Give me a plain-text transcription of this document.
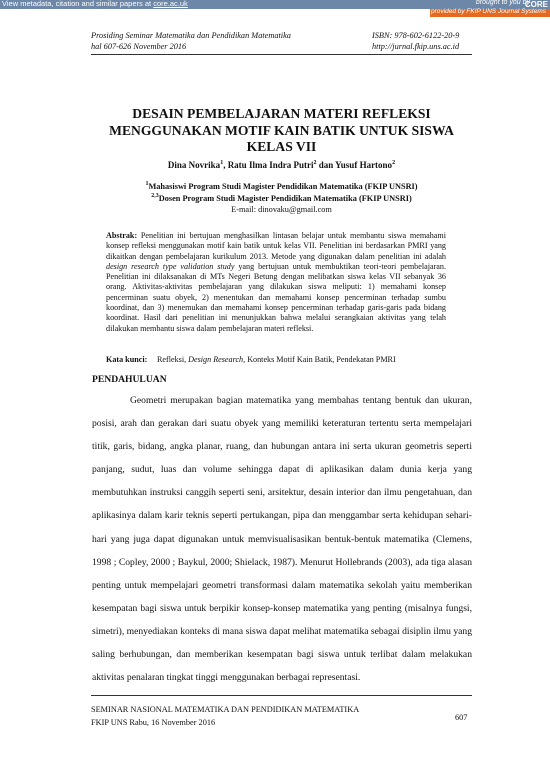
View metadata, citation and similar papers at core.ac.uk	brought to you by
CORE
provided by FKIP UNS Journal Systems
Prosiding Seminar Matematika dan Pendidikan Matematika
hal 607-626 November 2016
ISBN: 978-602-6122-20-9
http://jurnal.fkip.uns.ac.id
DESAIN PEMBELAJARAN MATERI REFLEKSI
MENGGUNAKAN MOTIF KAIN BATIK UNTUK SISWA
KELAS VII
Dina Novrika$^1$, Ratu Ilma Indra Putri$^2$ dan Yusuf Hartono$^2$
$^1$Mahasiswi Program Studi Magister Pendidikan Matematika (FKIP UNSRI)
$^{2,3}$Dosen Program Studi Magister Pendidikan Matematika (FKIP UNSRI)
E-mail: dinovaku@gmail.com
Abstrak: Penelitian ini bertujuan menghasilkan lintasan belajar untuk membantu siswa memahami konsep refleksi menggunakan motif kain batik untuk kelas VII. Penelitian ini berdasarkan PMRI yang dikaitkan dengan pembelajaran kurikulum 2013. Metode yang digunakan dalam penelitian ini adalah design research type validation study yang bertujuan untuk membuktikan teori-teori pembelajaran. Penelitian ini dilaksanakan di MTs Negeri Betung dengan melibatkan siswa kelas VII sebanyak 36 orang. Aktivitas-aktivitas pembelajaran yang dilakukan siswa meliputi: 1) memahami konsep pencerminan suatu obyek, 2) menentukan dan memahami konsep pencerminan terhadap sumbu koordinat, dan 3) menemukan dan memahami konsep pencerminan terhadap garis-garis pada bidang koordinat. Hasil dari penelitian ini menunjukkan bahwa melalui serangkaian aktivitas yang telah dilakukan membantu siswa dalam pembelajaran materi refleksi.
Kata kunci: Refleksi, Design Research, Konteks Motif Kain Batik, Pendekatan PMRI
PENDAHULUAN

Geometri merupakan bagian matematika yang membahas tentang bentuk dan ukuran, posisi, arah dan gerakan dari suatu obyek yang memiliki keteraturan tertentu serta mempelajari titik, garis, bidang, angka planar, ruang, dan hubungan antara ini serta ukuran geometris seperti panjang, sudut, luas dan volume sehingga dapat di aplikasikan dalam dunia kerja yang membutuhkan instruksi canggih seperti seni, arsitektur, desain interior dan ilmu pengetahuan, dan aplikasinya dalam karir teknis seperti pertukangan, pipa dan menggambar serta kehidupan sehari-hari yang juga dapat digunakan untuk memvisualisasikan bentuk-bentuk matematika (Clemens, 1998 ; Copley, 2000 ; Baykul, 2000; Shielack, 1987). Menurut Hollebrands (2003), ada tiga alasan penting untuk mempelajari geometri transformasi dalam matematika sekolah yaitu memberikan kesempatan bagi siswa untuk berpikir konsep-konsep matematika yang penting (misalnya fungsi, simetri), menyediakan konteks di mana siswa dapat melihat matematika sebagai disiplin ilmu yang saling berhubungan, dan memberikan kesempatan bagi siswa untuk terlibat dalam melakukan aktivitas penalaran tingkat tinggi menggunakan berbagai representasi.

SEMINAR NASIONAL MATEMATIKA DAN PENDIDIKAN MATEMATIKA
FKIP UNS Rabu, 16 November 2016
607
